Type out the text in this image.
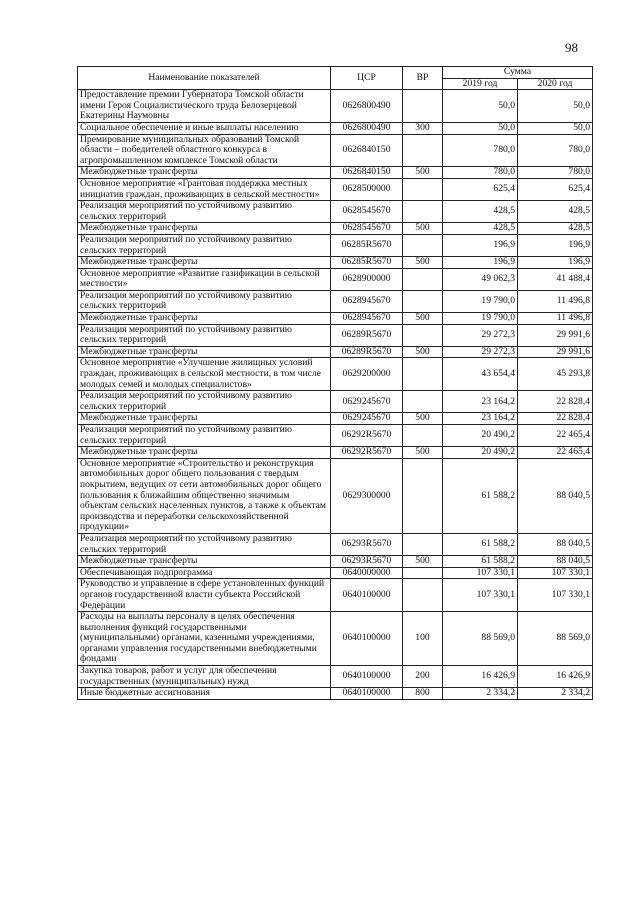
98
Наименование показателей	ЦСР	ВР	Сумма	
			2019 год	2020 год
Предоставление премии Губернатора Томской области имени Героя Социалистического труда Белозерцевой Екатерины Наумовны	0626800490		50,0	50,0
Социальное обеспечение и иные выплаты населению	0626800490	300	50,0	50,0
Премирование муниципальных образований Томской области – победителей областного конкурса в агропромышленном комплексе Томской области	0626840150		780,0	780,0
Межбюджетные трансферты	0626840150	500	780,0	780,0
Основное мероприятие «Грантовая поддержка местных инициатив граждан, проживающих в сельской местности»	0628500000		625,4	625,4
Реализация мероприятий по устойчивому развитию сельских территорий	0628545670		428,5	428,5
Межбюджетные трансферты	0628545670	500	428,5	428,5
Реализация мероприятий по устойчивому развитию сельских территорий	06285R5670		196,9	196,9
Межбюджетные трансферты	06285R5670	500	196,9	196,9
Основное мероприятие «Развитие газификации в сельской местности»	0628900000		49 062,3	41 488,4
Реализация мероприятий по устойчивому развитию сельских территорий	0628945670		19 790,0	11 496,8
Межбюджетные трансферты	0628945670	500	19 790,0	11 496,8
Реализация мероприятий по устойчивому развитию сельских территорий	06289R5670		29 272,3	29 991,6
Межбюджетные трансферты	06289R5670	500	29 272,3	29 991,6
Основное мероприятие «Улучшение жилищных условий граждан, проживающих в сельской местности, в том числе молодых семей и молодых специалистов»	0629200000		43 654,4	45 293,8
Реализация мероприятий по устойчивому развитию сельских территорий	0629245670		23 164,2	22 828,4
Межбюджетные трансферты	0629245670	500	23 164,2	22 828,4
Реализация мероприятий по устойчивому развитию сельских территорий	06292R5670		20 490,2	22 465,4
Межбюджетные трансферты	06292R5670	500	20 490,2	22 465,4
Основное мероприятие «Строительство и реконструкция автомобильных дорог общего пользования с твердым покрытием, ведущих от сети автомобильных дорог общего пользования к ближайшим общественно значимым объектам сельских населенных пунктов, а также к объектам производства и переработки сельскохозяйственной продукции»	0629300000		61 588,2	88 040,5
Реализация мероприятий по устойчивому развитию сельских территорий	06293R5670		61 588,2	88 040,5
Межбюджетные трансферты	06293R5670	500	61 588,2	88 040,5
Обеспечивающая подпрограмма	0640000000		107 330,1	107 330,1
Руководство и управление в сфере установленных функций органов государственной власти субъекта Российской Федерации	0640100000		107 330,1	107 330,1
Расходы на выплаты персоналу в целях обеспечения выполнения функций государственными (муниципальными) органами, казенными учреждениями, органами управления государственными внебюджетными фондами	0640100000	100	88 569,0	88 569,0
Закупка товаров, работ и услуг для обеспечения государственных (муниципальных) нужд	0640100000	200	16 426,9	16 426,9
Иные бюджетные ассигнования	0640100000	800	2 334,2	2 334,2
